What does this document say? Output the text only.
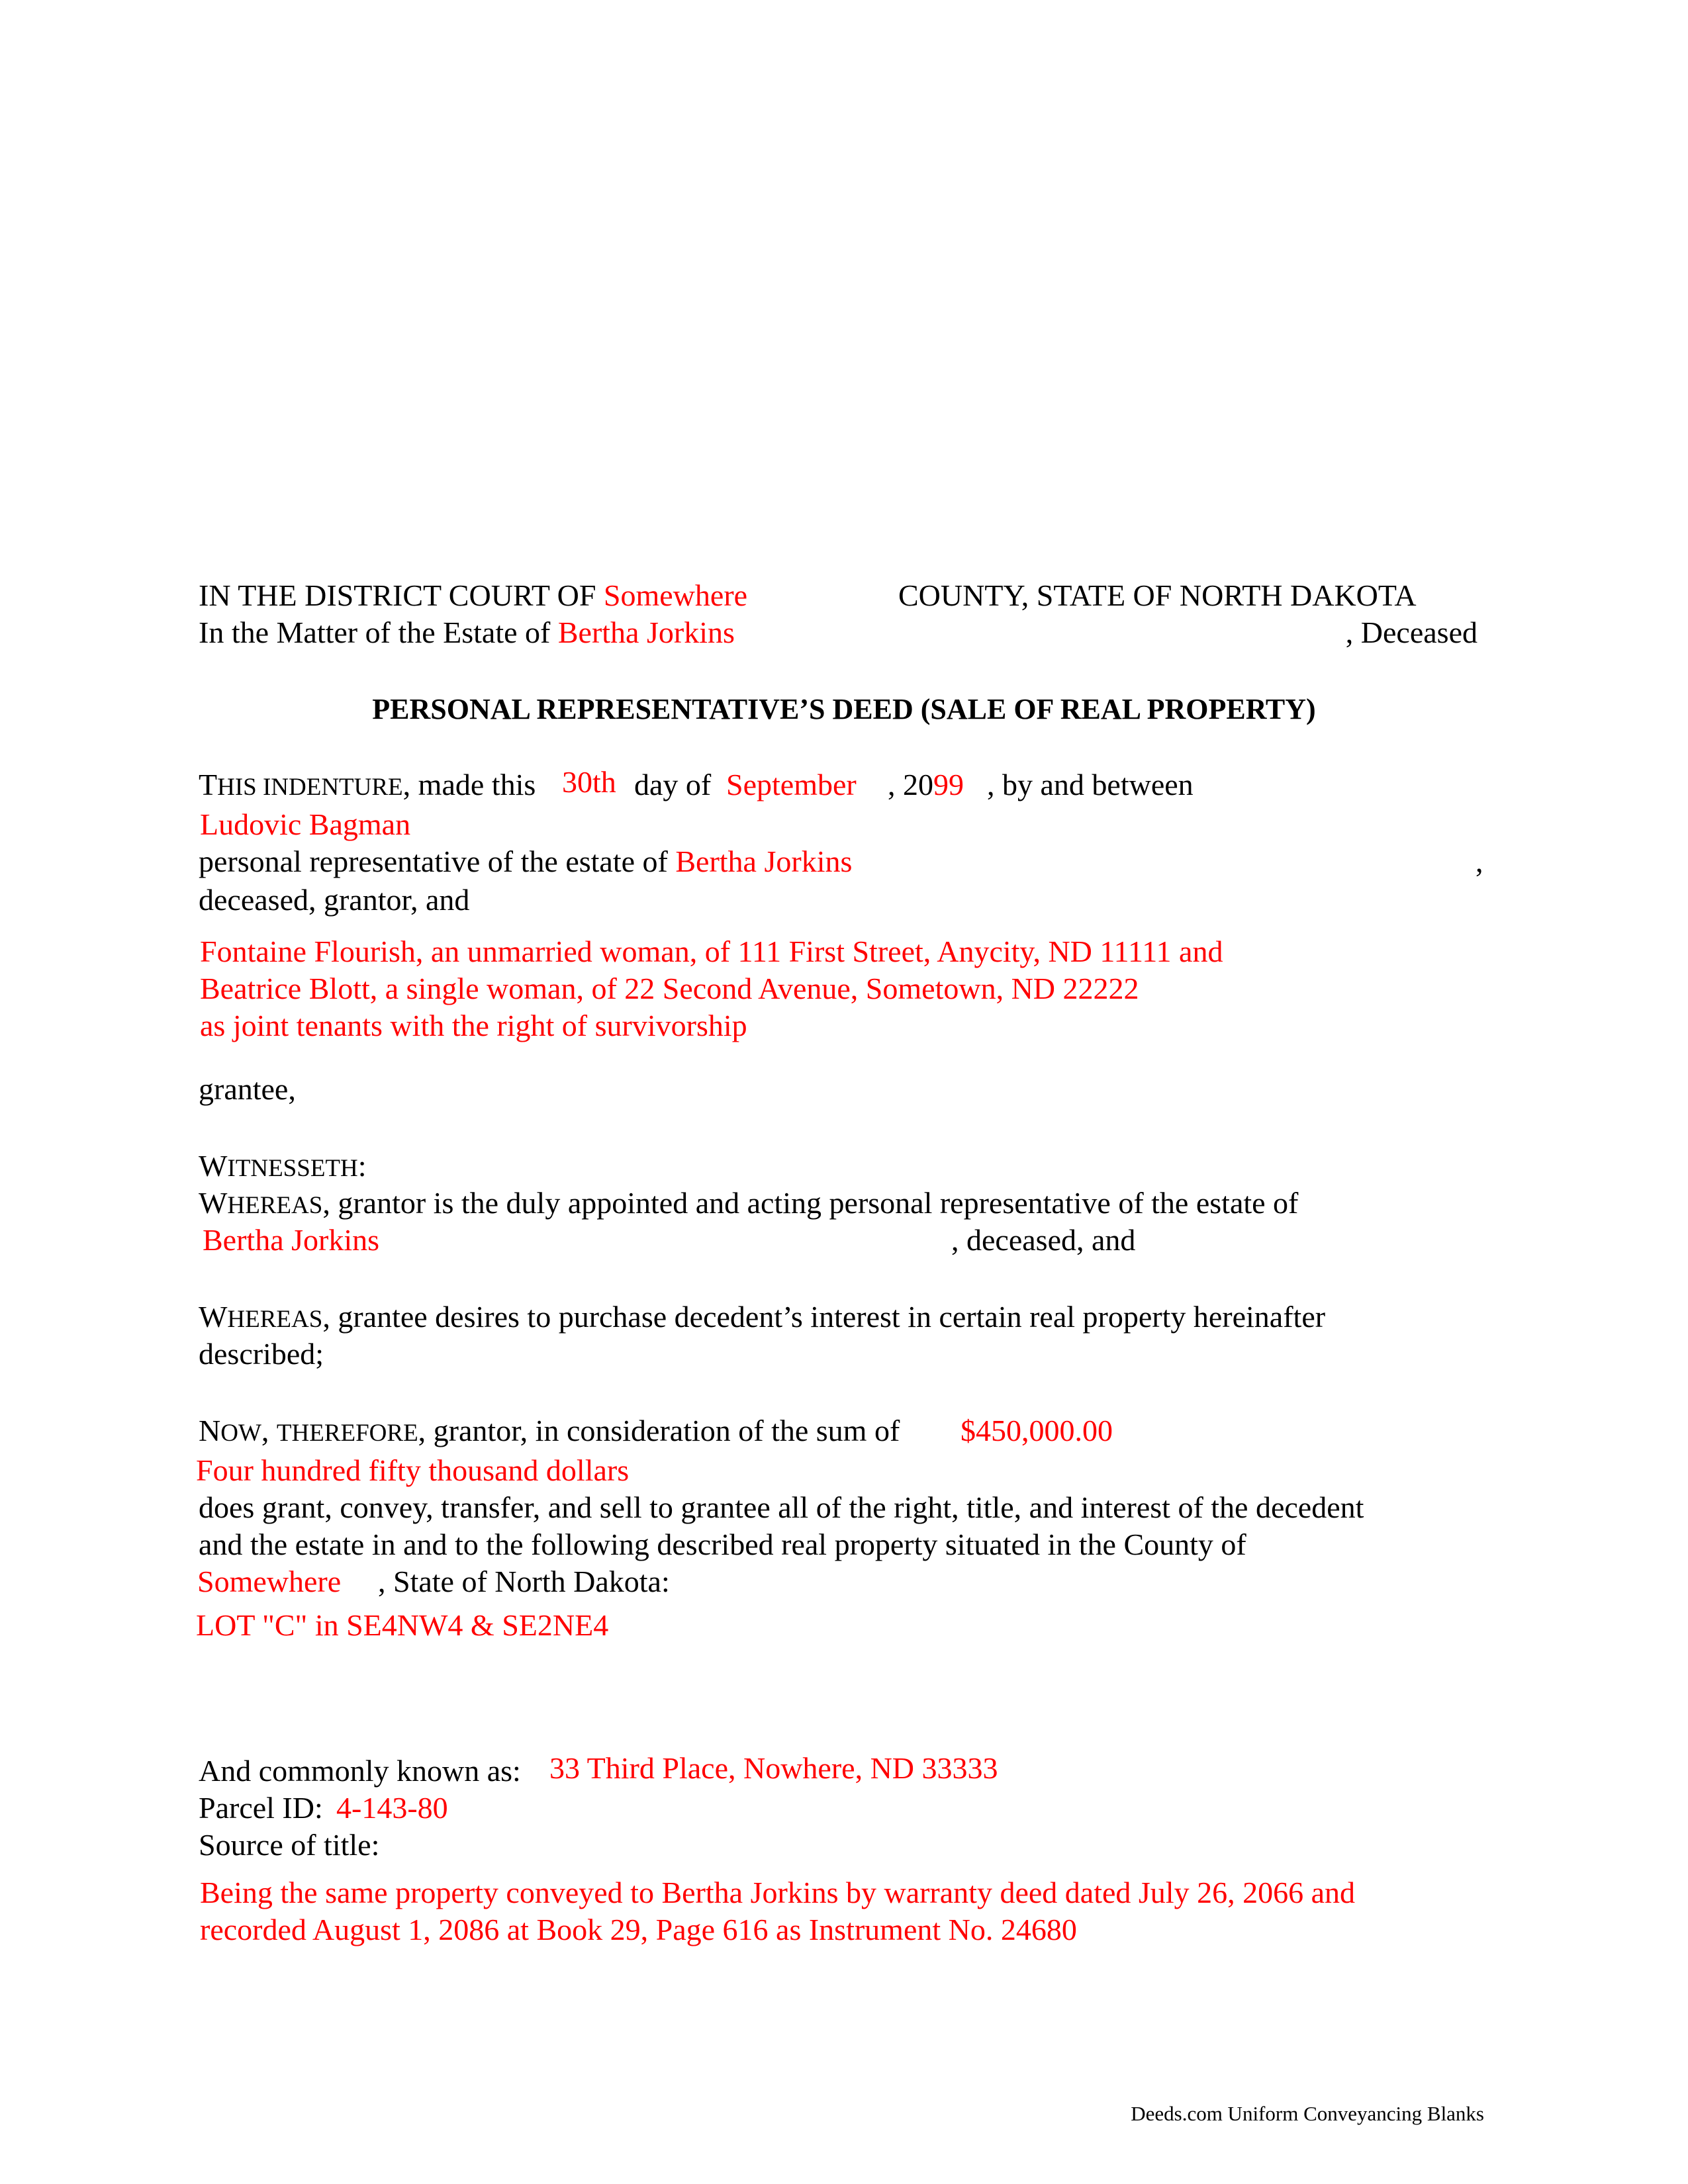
IN THE DISTRICT COURT OF Somewhere	COUNTY, STATE OF NORTH DAKOTA
In the Matter of the Estate of Bertha Jorkins	, Deceased
PERSONAL REPRESENTATIVE’S DEED (SALE OF REAL PROPERTY)
THIS INDENTURE, made this 30th day of September , 2099 , by and between
Ludovic Bagman
personal representative of the estate of Bertha Jorkins	,
deceased, grantor, and
Fontaine Flourish, an unmarried woman, of 111 First Street, Anycity, ND 11111 and
Beatrice Blott, a single woman, of 22 Second Avenue, Sometown, ND 22222
as joint tenants with the right of survivorship
grantee,
WITNESSETH:
WHEREAS, grantor is the duly appointed and acting personal representative of the estate of
Bertha Jorkins	, deceased, and
WHEREAS, grantee desires to purchase decedent’s interest in certain real property hereinafter
described;
NOW, THEREFORE, grantor, in consideration of the sum of $450,000.00
Four hundred fifty thousand dollars
does grant, convey, transfer, and sell to grantee all of the right, title, and interest of the decedent
and the estate in and to the following described real property situated in the County of
Somewhere , State of North Dakota:
LOT "C" in SE4NW4 & SE2NE4
And commonly known as: 33 Third Place, Nowhere, ND 33333
Parcel ID: 4-143-80
Source of title:
Being the same property conveyed to Bertha Jorkins by warranty deed dated July 26, 2066 and
recorded August 1, 2086 at Book 29, Page 616 as Instrument No. 24680
Deeds.com Uniform Conveyancing Blanks
